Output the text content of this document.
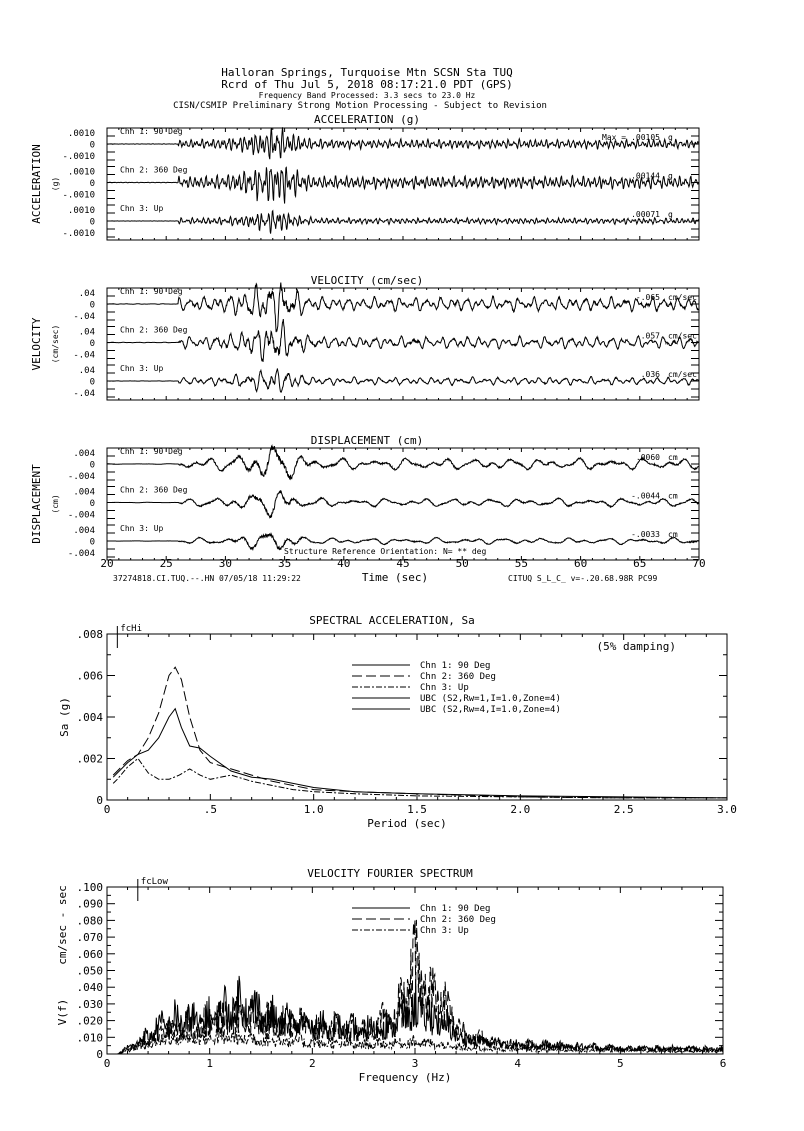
Halloran Springs, Turquoise Mtn SCSN Sta TUQ
Rcrd of Thu Jul 5, 2018 08:17:21.0 PDT (GPS)
Frequency Band Processed: 3.3 secs to 23.0 Hz
CISN/CSMIP Preliminary Strong Motion Processing - Subject to Revision
ACCELERATION (g)
ACCELERATION (g)
.0010
0
-.0010
Chn 1: 90 Deg
Max = .00105 g
.0010
0
-.0010
Chn 2: 360 Deg
.00144 g
.0010
0
-.0010
Chn 3: Up
.00071 g
VELOCITY (cm/sec)
VELOCITY (cm/sec)
.04
0
-.04
Chn 1: 90 Deg
-.065 cm/sec
.04
0
-.04
Chn 2: 360 Deg
-.057 cm/sec
.04
0
-.04
Chn 3: Up
.036 cm/sec
DISPLACEMENT (cm)
DISPLACEMENT (cm)
.004
0
-.004
Chn 1: 90 Deg
.0060 cm
.004
0
-.004
Chn 2: 360 Deg
-.0044 cm
.004
0
-.004
Chn 3: Up
-.0033 cm
20	25	30	35	40	45	50	55	60	65	70
Time (sec)
Structure Reference Orientation: N= ** deg
37274818.CI.TUQ.--.HN 07/05/18 11:29:22	CITUQ S_L_C_ v=-.20.68.98R PC99
SPECTRAL ACCELERATION, Sa
0	.5	1.0	1.5	2.0	2.5	3.0
0
.002
.004
.006
.008
Period (sec)
Sa (g)
fcHi
(5% damping)
Chn 1: 90 Deg
Chn 2: 360 Deg
Chn 3: Up
UBC (S2,Rw=1,I=1.0,Zone=4)
UBC (S2,Rw=4,I=1.0,Zone=4)
VELOCITY FOURIER SPECTRUM
0	1	2	3	4	5	6
0
.010
.020
.030
.040
.050
.060
.070
.080
.090
.100
Frequency (Hz)
V(f)
cm/sec - sec
fcLow
Chn 1: 90 Deg
Chn 2: 360 Deg
Chn 3: Up
